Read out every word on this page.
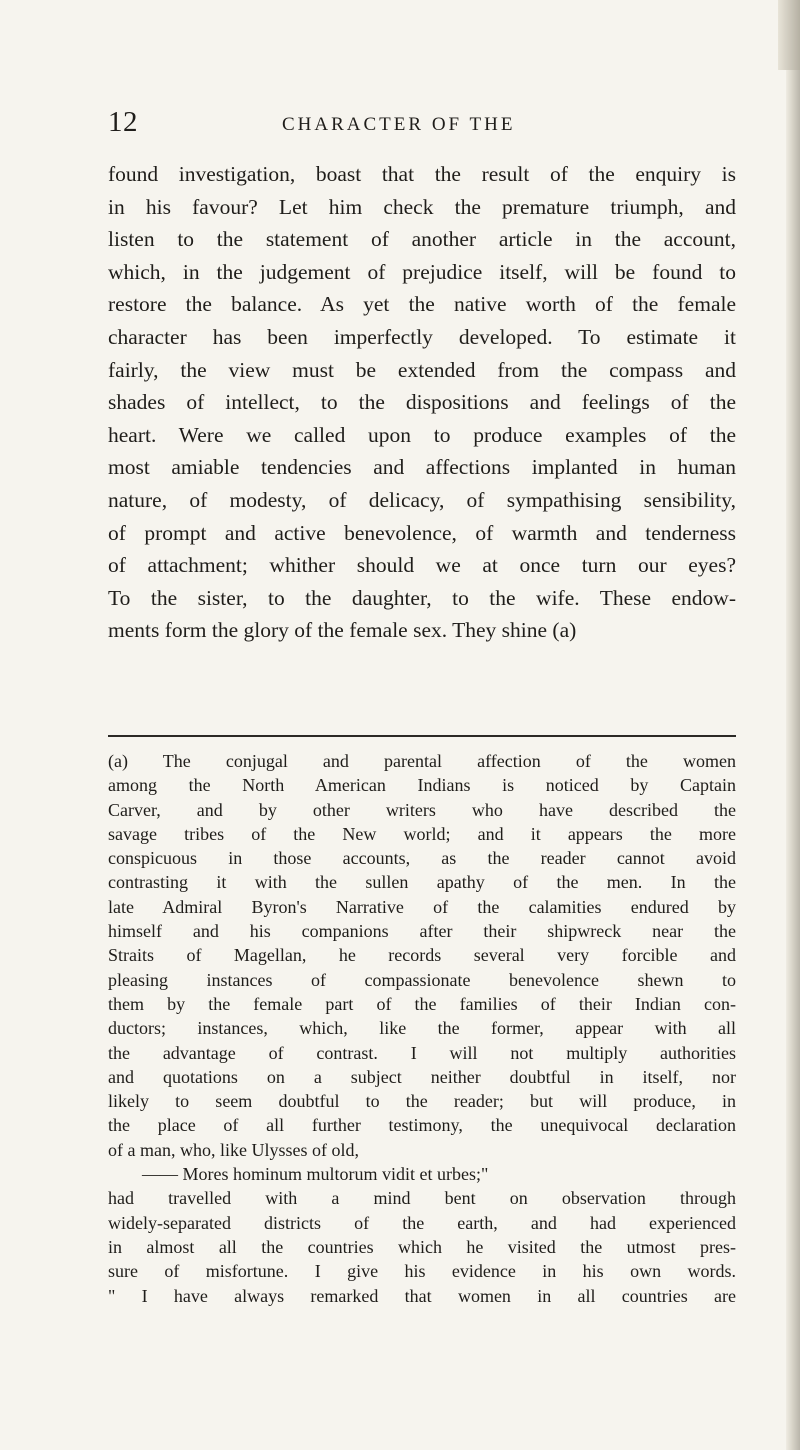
12	CHARACTER OF THE
found investigation, boast that the result of the enquiry is
in his favour? Let him check the premature triumph, and
listen to the statement of another article in the account,
which, in the judgement of prejudice itself, will be found to
restore the balance. As yet the native worth of the female
character has been imperfectly developed. To estimate it
fairly, the view must be extended from the compass and
shades of intellect, to the dispositions and feelings of the
heart. Were we called upon to produce examples of the
most amiable tendencies and affections implanted in human
nature, of modesty, of delicacy, of sympathising sensibility,
of prompt and active benevolence, of warmth and tenderness
of attachment; whither should we at once turn our eyes?
To the sister, to the daughter, to the wife. These endow-
ments form the glory of the female sex. They shine (a)
(a) The conjugal and parental affection of the women
among the North American Indians is noticed by Captain
Carver, and by other writers who have described the
savage tribes of the New world; and it appears the more
conspicuous in those accounts, as the reader cannot avoid
contrasting it with the sullen apathy of the men. In the
late Admiral Byron's Narrative of the calamities endured by
himself and his companions after their shipwreck near the
Straits of Magellan, he records several very forcible and
pleasing instances of compassionate benevolence shewn to
them by the female part of the families of their Indian con-
ductors; instances, which, like the former, appear with all
the advantage of contrast. I will not multiply authorities
and quotations on a subject neither doubtful in itself, nor
likely to seem doubtful to the reader; but will produce, in
the place of all further testimony, the unequivocal declaration
of a man, who, like Ulysses of old,
—— Mores hominum multorum vidit et urbes;"
had travelled with a mind bent on observation through
widely-separated districts of the earth, and had experienced
in almost all the countries which he visited the utmost pres-
sure of misfortune. I give his evidence in his own words.
" I have always remarked that women in all countries are
